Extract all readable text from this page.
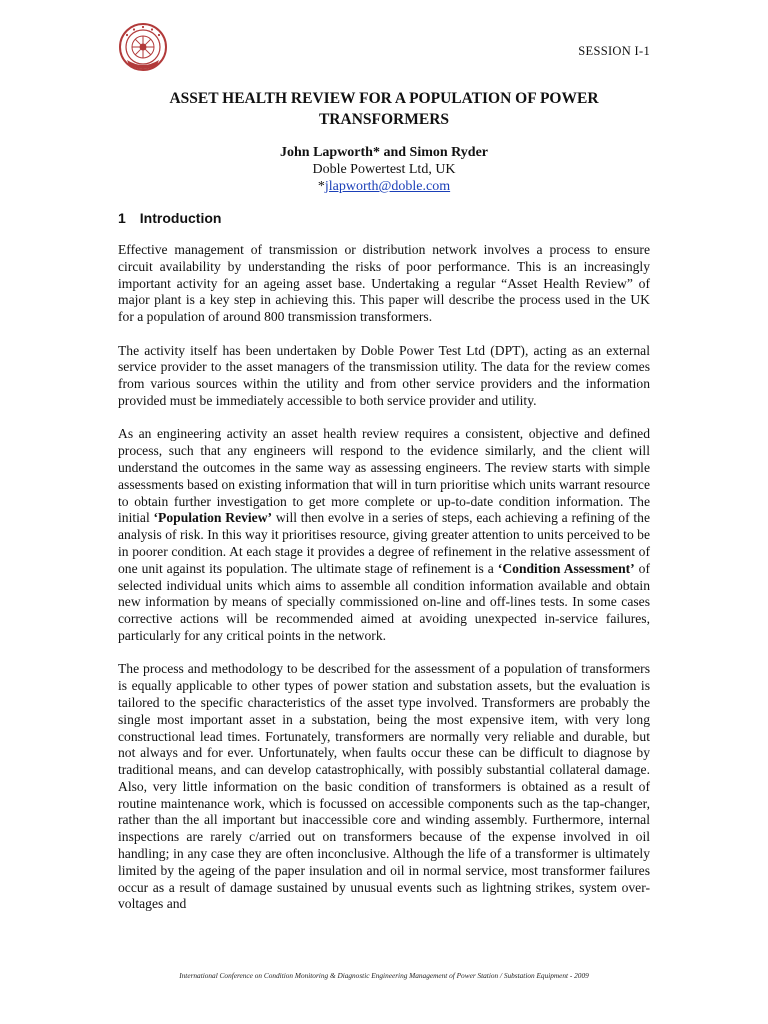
SESSION I-1
ASSET HEALTH REVIEW FOR A POPULATION OF POWER
TRANSFORMERS
John Lapworth* and Simon Ryder
Doble Powertest Ltd, UK
*jlapworth@doble.com
1 Introduction

Effective management of transmission or distribution network involves a process to ensure circuit availability by understanding the risks of poor performance. This is an increasingly important activity for an ageing asset base. Undertaking a regular “Asset Health Review” of major plant is a key step in achieving this. This paper will describe the process used in the UK for a population of around 800 transmission transformers.

The activity itself has been undertaken by Doble Power Test Ltd (DPT), acting as an external service provider to the asset managers of the transmission utility. The data for the review comes from various sources within the utility and from other service providers and the information provided must be immediately accessible to both service provider and utility.

As an engineering activity an asset health review requires a consistent, objective and defined process, such that any engineers will respond to the evidence similarly, and the client will understand the outcomes in the same way as assessing engineers. The review starts with simple assessments based on existing information that will in turn prioritise which units warrant resource to obtain further investigation to get more complete or up-to-date condition information. The initial ‘Population Review’ will then evolve in a series of steps, each achieving a refining of the analysis of risk. In this way it prioritises resource, giving greater attention to units perceived to be in poorer condition. At each stage it provides a degree of refinement in the relative assessment of one unit against its population. The ultimate stage of refinement is a ‘Condition Assessment’ of selected individual units which aims to assemble all condition information available and obtain new information by means of specially commissioned on-line and off-lines tests. In some cases corrective actions will be recommended aimed at avoiding unexpected in-service failures, particularly for any critical points in the network.

The process and methodology to be described for the assessment of a population of transformers is equally applicable to other types of power station and substation assets, but the evaluation is tailored to the specific characteristics of the asset type involved. Transformers are probably the single most important asset in a substation, being the most expensive item, with very long constructional lead times. Fortunately, transformers are normally very reliable and durable, but not always and for ever. Unfortunately, when faults occur these can be difficult to diagnose by traditional means, and can develop catastrophically, with possibly substantial collateral damage. Also, very little information on the basic condition of transformers is obtained as a result of routine maintenance work, which is focussed on accessible components such as the tap-changer, rather than the all important but inaccessible core and winding assembly. Furthermore, internal inspections are rarely c/arried out on transformers because of the expense involved in oil handling; in any case they are often inconclusive. Although the life of a transformer is ultimately limited by the ageing of the paper insulation and oil in normal service, most transformer failures occur as a result of damage sustained by unusual events such as lightning strikes, system over-voltages and

International Conference on Condition Monitoring & Diagnostic Engineering Management of Power Station / Substation Equipment - 2009
